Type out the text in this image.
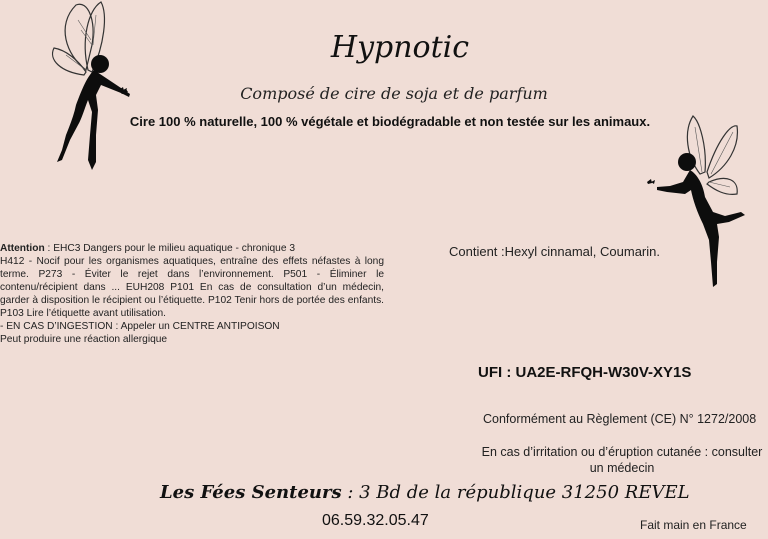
Hypnotic
Composé de cire de soja et de parfum
Cire 100 % naturelle, 100 % végétale et biodégradable et non testée sur les animaux.
Attention : EHC3 Dangers pour le milieu aquatique - chronique 3
H412 - Nocif pour les organismes aquatiques, entraîne des effets néfastes à long terme. P273 - Éviter le rejet dans l’environnement. P501 - Éliminer le contenu/récipient dans ... EUH208 P101 En cas de consultation d’un médecin, garder à disposition le récipient ou l’étiquette. P102 Tenir hors de portée des enfants. P103 Lire l’étiquette avant utilisation.
- EN CAS D’INGESTION : Appeler un CENTRE ANTIPOISON
Peut produire une réaction allergique
Contient :Hexyl cinnamal, Coumarin.
UFI : UA2E-RFQH-W30V-XY1S
Conformément au Règlement (CE) N° 1272/2008
En cas d’irritation ou d’éruption cutanée : consulter un médecin
Les Fées Senteurs : 3 Bd de la république 31250 REVEL
06.59.32.05.47	Fait main en France
